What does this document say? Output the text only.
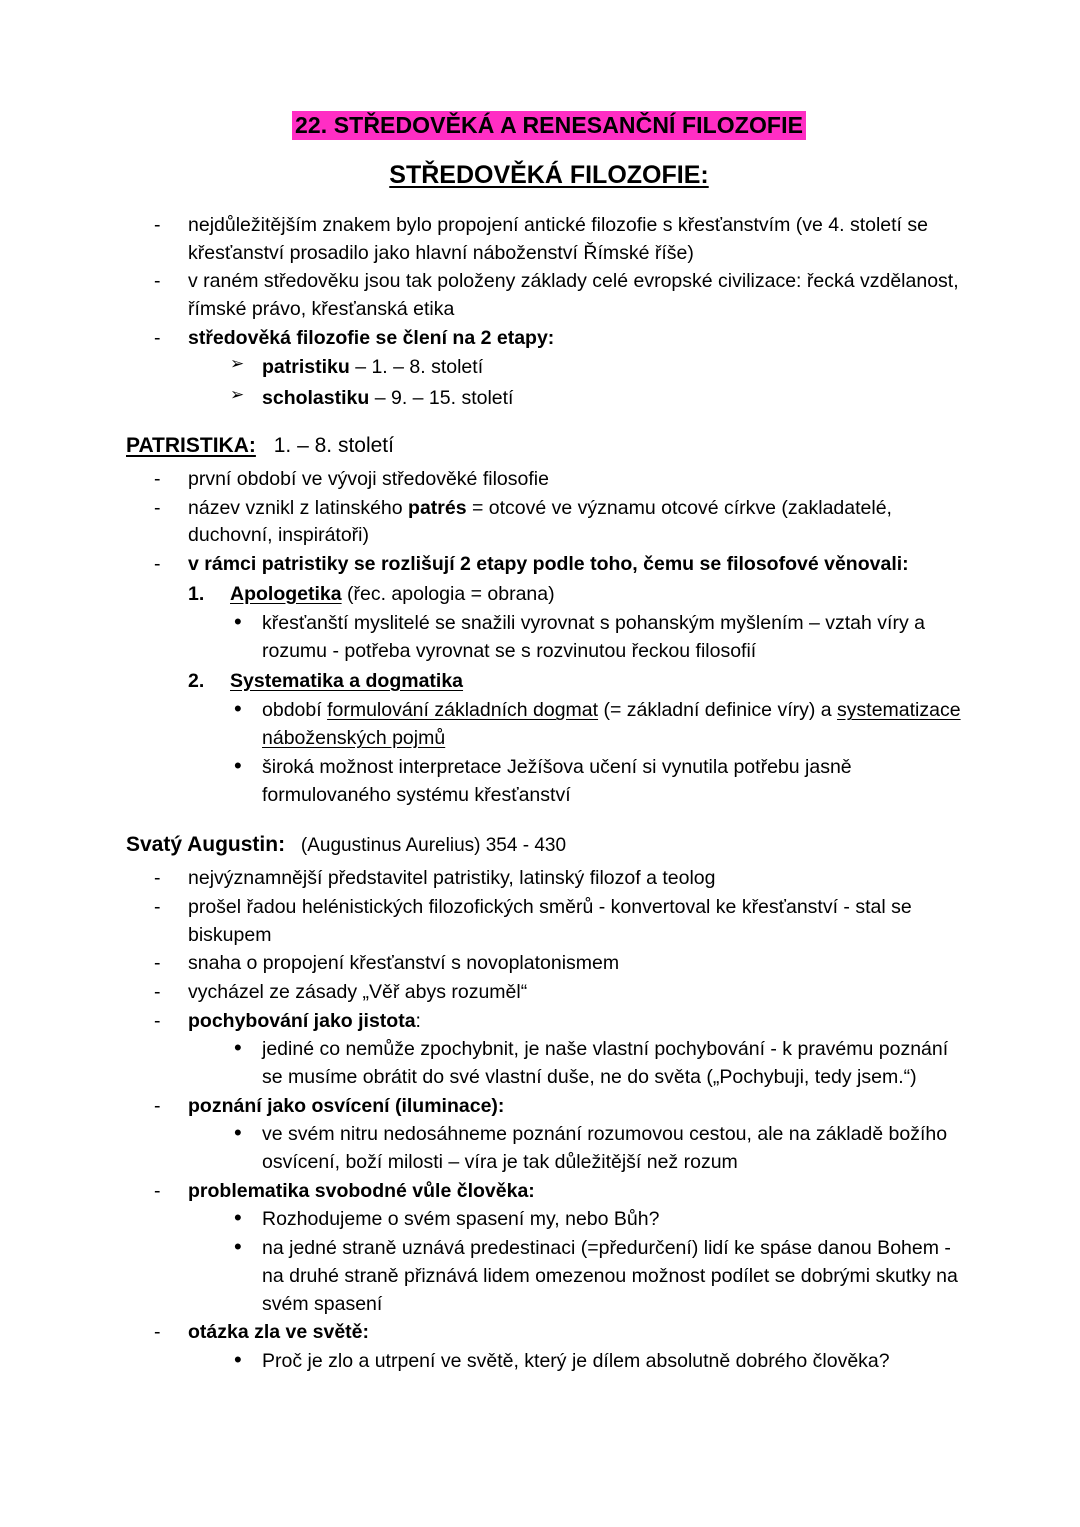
22. STŘEDOVĚKÁ A RENESANČNÍ FILOZOFIE
STŘEDOVĚKÁ FILOZOFIE:
- nejdůležitějším znakem bylo propojení antické filozofie s křesťanstvím (ve 4. století se křesťanství prosadilo jako hlavní náboženství Římské říše)
- v raném středověku jsou tak položeny základy celé evropské civilizace: řecká vzdělanost, římské právo, křesťanská etika
- středověká filozofie se člení na 2 etapy:
➢ patristiku – 1. – 8. století
➢ scholastiku – 9. – 15. století
PATRISTIKA: 1. – 8. století
- první období ve vývoji středověké filosofie
- název vznikl z latinského patrés = otcové ve významu otcové církve (zakladatelé, duchovní, inspirátoři)
- v rámci patristiky se rozlišují 2 etapy podle toho, čemu se filosofové věnovali:
1. Apologetika (řec. apologia = obrana)
• křesťanští myslitelé se snažili vyrovnat s pohanským myšlením – vztah víry a rozumu - potřeba vyrovnat se s rozvinutou řeckou filosofií
2. Systematika a dogmatika
• období formulování základních dogmat (= základní definice víry) a systematizace náboženských pojmů
• široká možnost interpretace Ježíšova učení si vynutila potřebu jasně formulovaného systému křesťanství
Svatý Augustin: (Augustinus Aurelius) 354 - 430
- nejvýznamnější představitel patristiky, latinský filozof a teolog
- prošel řadou helénistických filozofických směrů - konvertoval ke křesťanství - stal se biskupem
- snaha o propojení křesťanství s novoplatonismem
- vycházel ze zásady „Věř abys rozuměl“
- pochybování jako jistota:
• jediné co nemůže zpochybnit, je naše vlastní pochybování - k pravému poznání se musíme obrátit do své vlastní duše, ne do světa („Pochybuji, tedy jsem.“)
- poznání jako osvícení (iluminace):
• ve svém nitru nedosáhneme poznání rozumovou cestou, ale na základě božího osvícení, boží milosti – víra je tak důležitější než rozum
- problematika svobodné vůle člověka:
• Rozhodujeme o svém spasení my, nebo Bůh?
• na jedné straně uznává predestinaci (=předurčení) lidí ke spáse danou Bohem - na druhé straně přiznává lidem omezenou možnost podílet se dobrými skutky na svém spasení
- otázka zla ve světě:
• Proč je zlo a utrpení ve světě, který je dílem absolutně dobrého člověka?
